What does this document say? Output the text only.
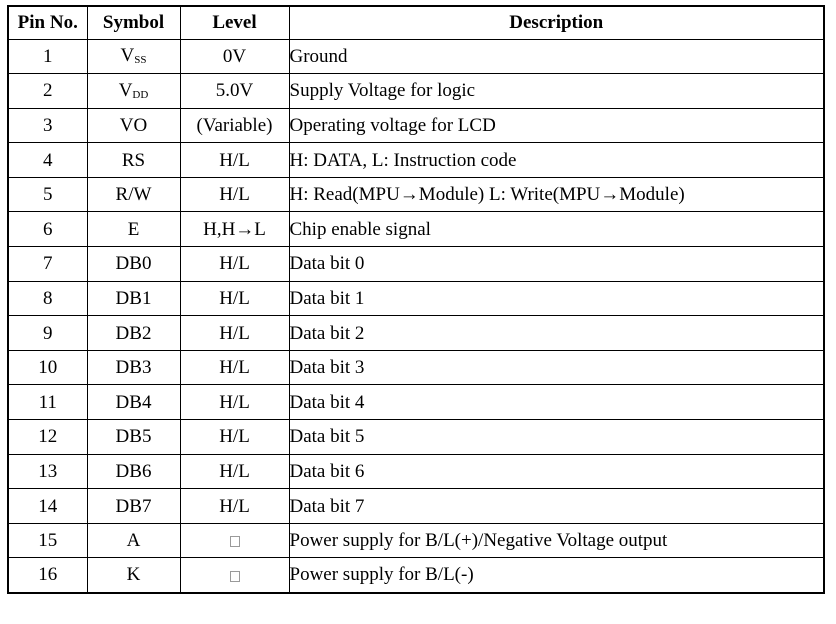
Pin No.	Symbol	Level	Description
1	VSS	0V	Ground
2	VDD	5.0V	Supply Voltage for logic
3	VO	(Variable)	Operating voltage for LCD
4	RS	H/L	H: DATA, L: Instruction code
5	R/W	H/L	H: Read(MPU→Module) L: Write(MPU→Module)
6	E	H,H→L	Chip enable signal
7	DB0	H/L	Data bit 0
8	DB1	H/L	Data bit 1
9	DB2	H/L	Data bit 2
10	DB3	H/L	Data bit 3
11	DB4	H/L	Data bit 4
12	DB5	H/L	Data bit 5
13	DB6	H/L	Data bit 6
14	DB7	H/L	Data bit 7
15	A		Power supply for B/L(+)/Negative Voltage output
16	K		Power supply for B/L(-)
